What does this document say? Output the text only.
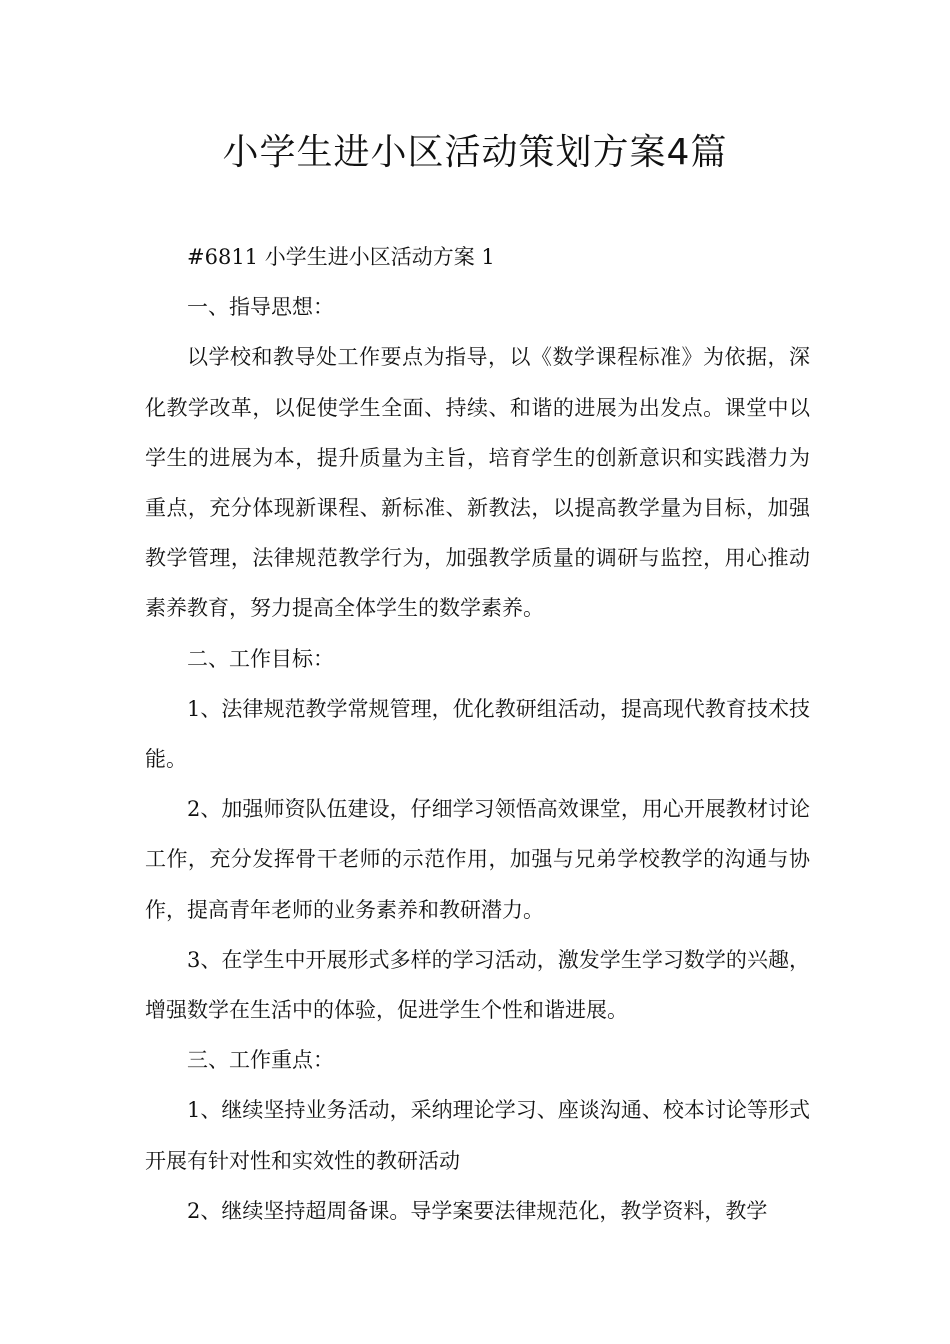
小学生进小区活动策划方案4篇

#6811 小学生进小区活动方案 1

一、指导思想：

以学校和教导处工作要点为指导，以《数学课程标准》为依据，深化教学改革，以促使学生全面、持续、和谐的进展为出发点。课堂中以学生的进展为本，提升质量为主旨，培育学生的创新意识和实践潜力为重点，充分体现新课程、新标准、新教法，以提高教学量为目标，加强教学管理，法律规范教学行为，加强教学质量的调研与监控，用心推动素养教育，努力提高全体学生的数学素养。

二、工作目标：

1、法律规范教学常规管理，优化教研组活动，提高现代教育技术技能。

2、加强师资队伍建设，仔细学习领悟高效课堂，用心开展教材讨论工作，充分发挥骨干老师的示范作用，加强与兄弟学校教学的沟通与协作，提高青年老师的业务素养和教研潜力。

3、在学生中开展形式多样的学习活动，激发学生学习数学的兴趣，增强数学在生活中的体验，促进学生个性和谐进展。

三、工作重点：

1、继续坚持业务活动，采纳理论学习、座谈沟通、校本讨论等形式开展有针对性和实效性的教研活动

2、继续坚持超周备课。导学案要法律规范化，教学资料，教学
